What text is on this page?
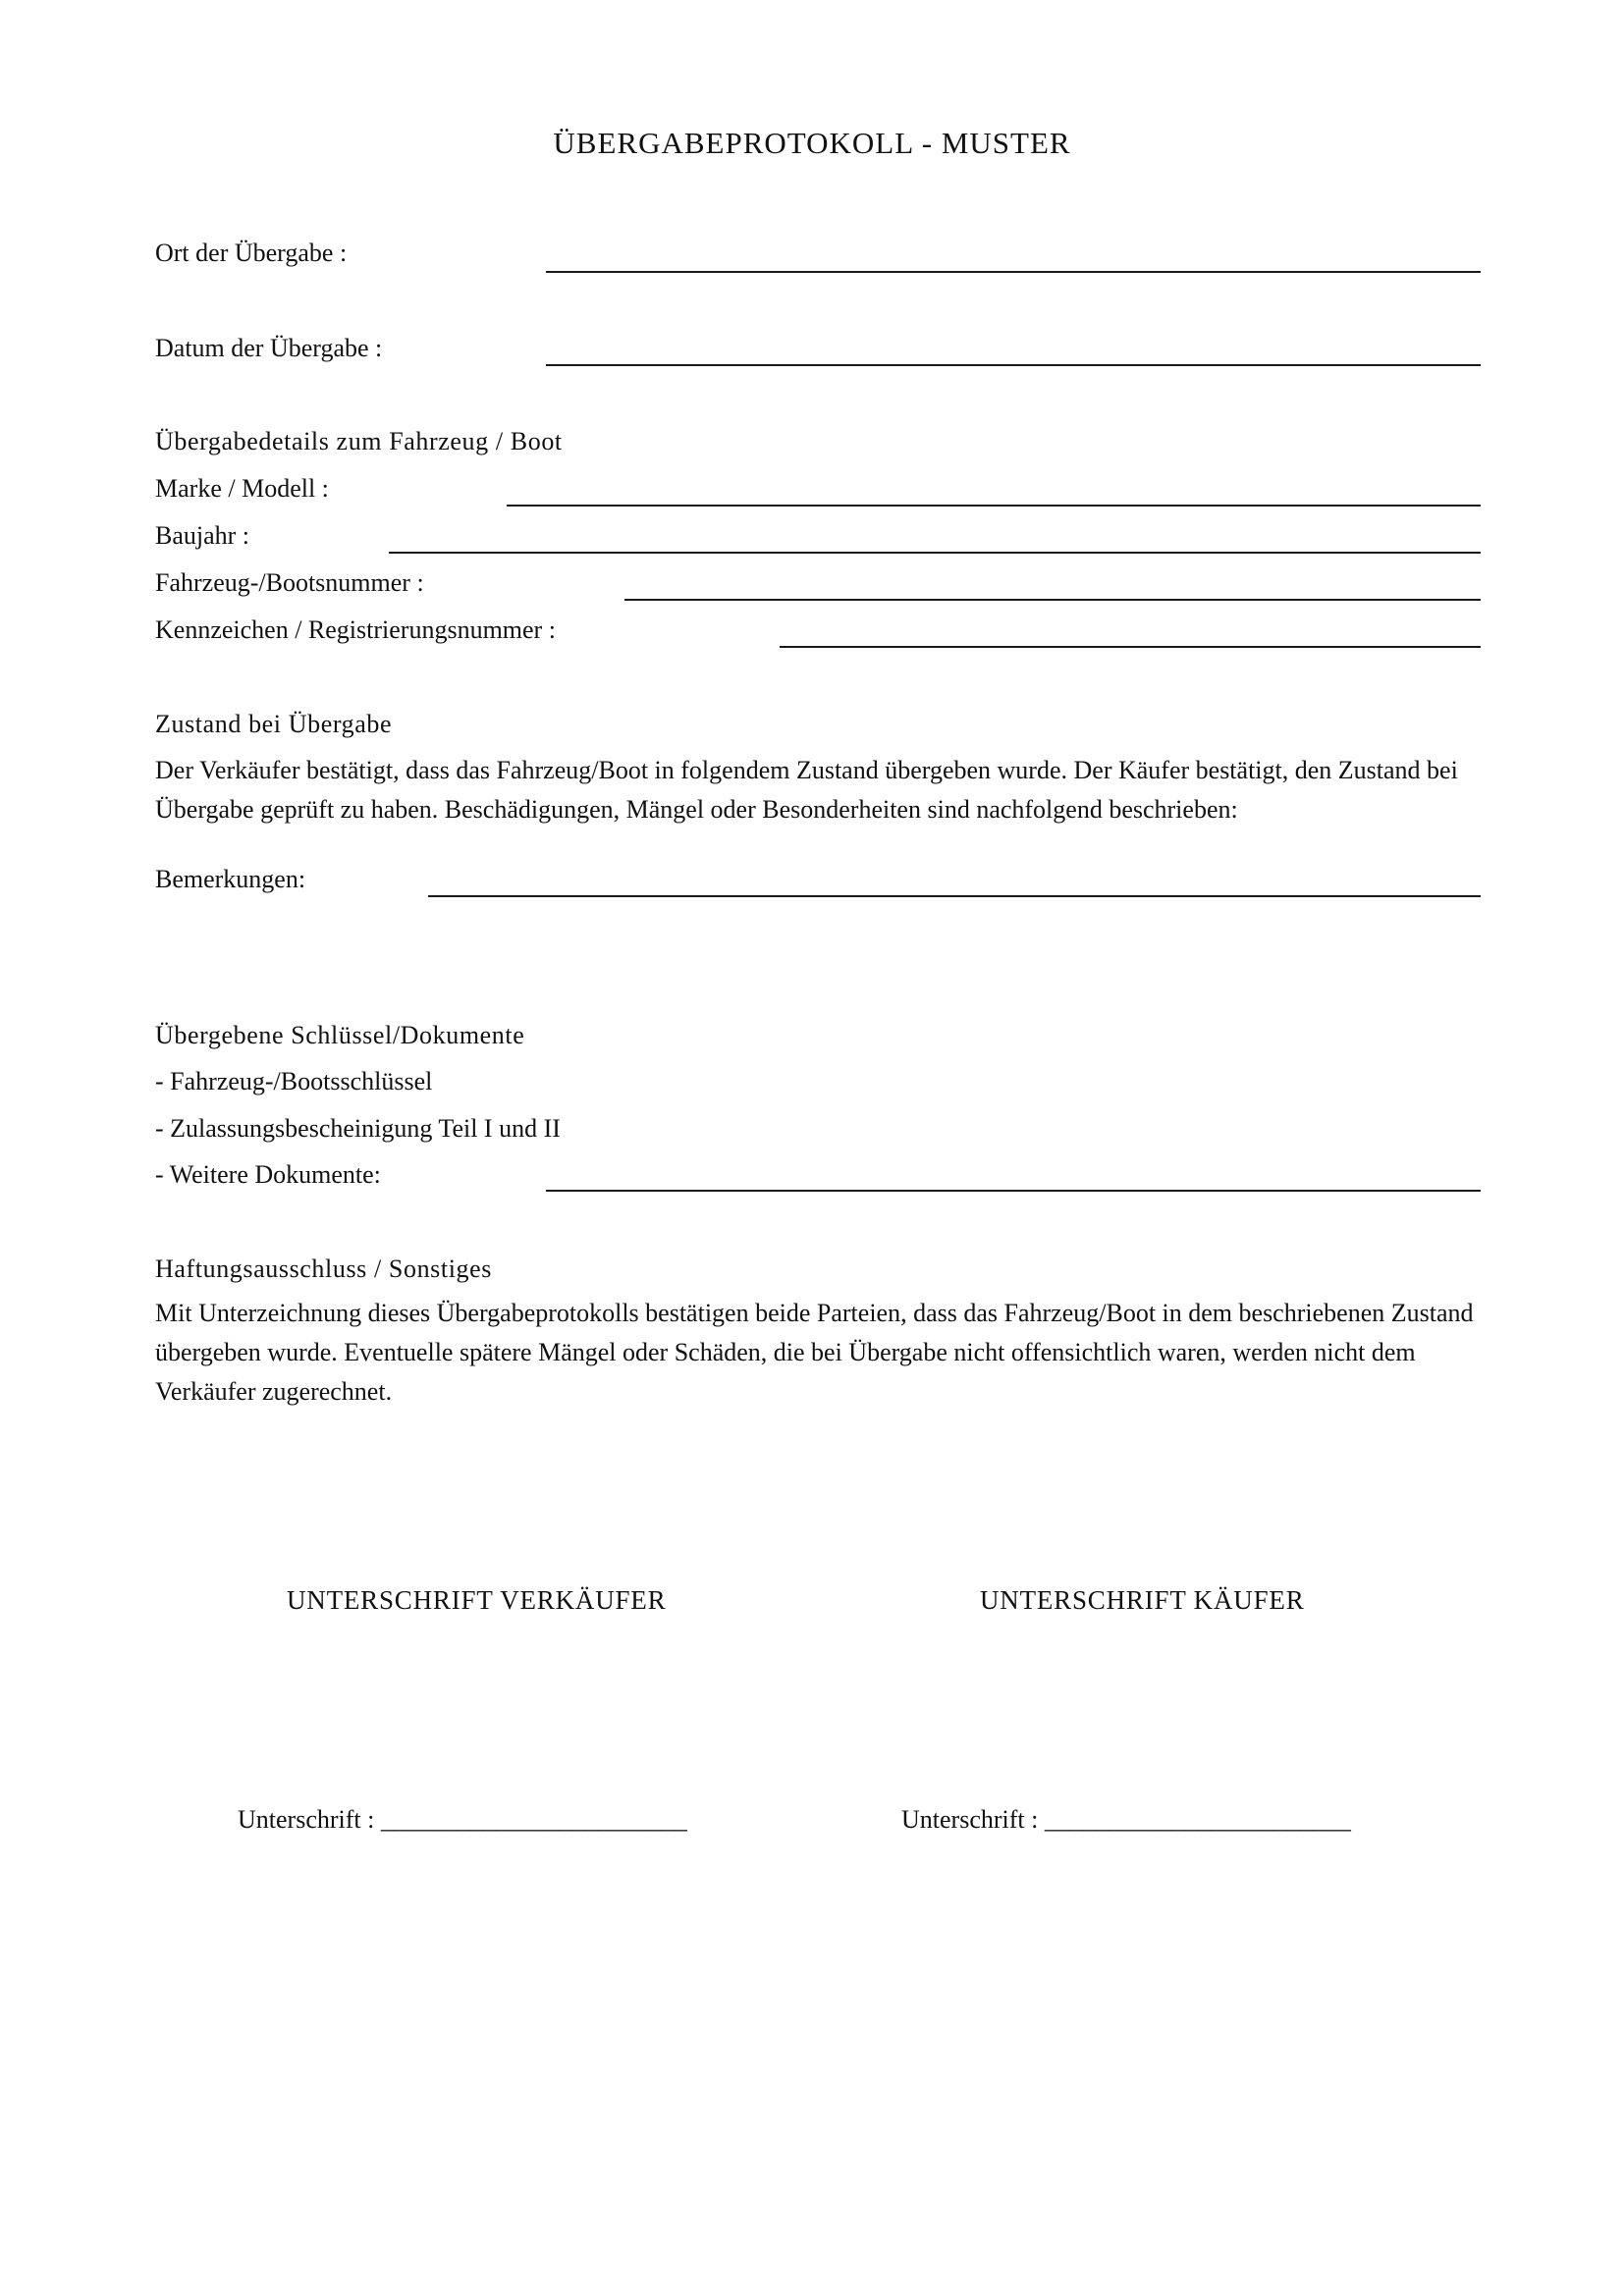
ÜBERGABEPROTOKOLL - MUSTER
Ort der Übergabe :
Datum der Übergabe :
Übergabedetails zum Fahrzeug / Boot
Marke / Modell :
Baujahr :
Fahrzeug-/Bootsnummer :
Kennzeichen / Registrierungsnummer :
Zustand bei Übergabe
Der Verkäufer bestätigt, dass das Fahrzeug/Boot in folgendem Zustand übergeben wurde. Der Käufer bestätigt, den Zustand bei Übergabe geprüft zu haben. Beschädigungen, Mängel oder Besonderheiten sind nachfolgend beschrieben:
Bemerkungen:
Übergebene Schlüssel/Dokumente
- Fahrzeug-/Bootsschlüssel
- Zulassungsbescheinigung Teil I und II
- Weitere Dokumente:
Haftungsausschluss / Sonstiges
Mit Unterzeichnung dieses Übergabeprotokolls bestätigen beide Parteien, dass das Fahrzeug/Boot in dem beschriebenen Zustand übergeben wurde. Eventuelle spätere Mängel oder Schäden, die bei Übergabe nicht offensichtlich waren, werden nicht dem Verkäufer zugerechnet.
UNTERSCHRIFT VERKÄUFER	UNTERSCHRIFT KÄUFER
Unterschrift : ________________________	Unterschrift : ________________________
